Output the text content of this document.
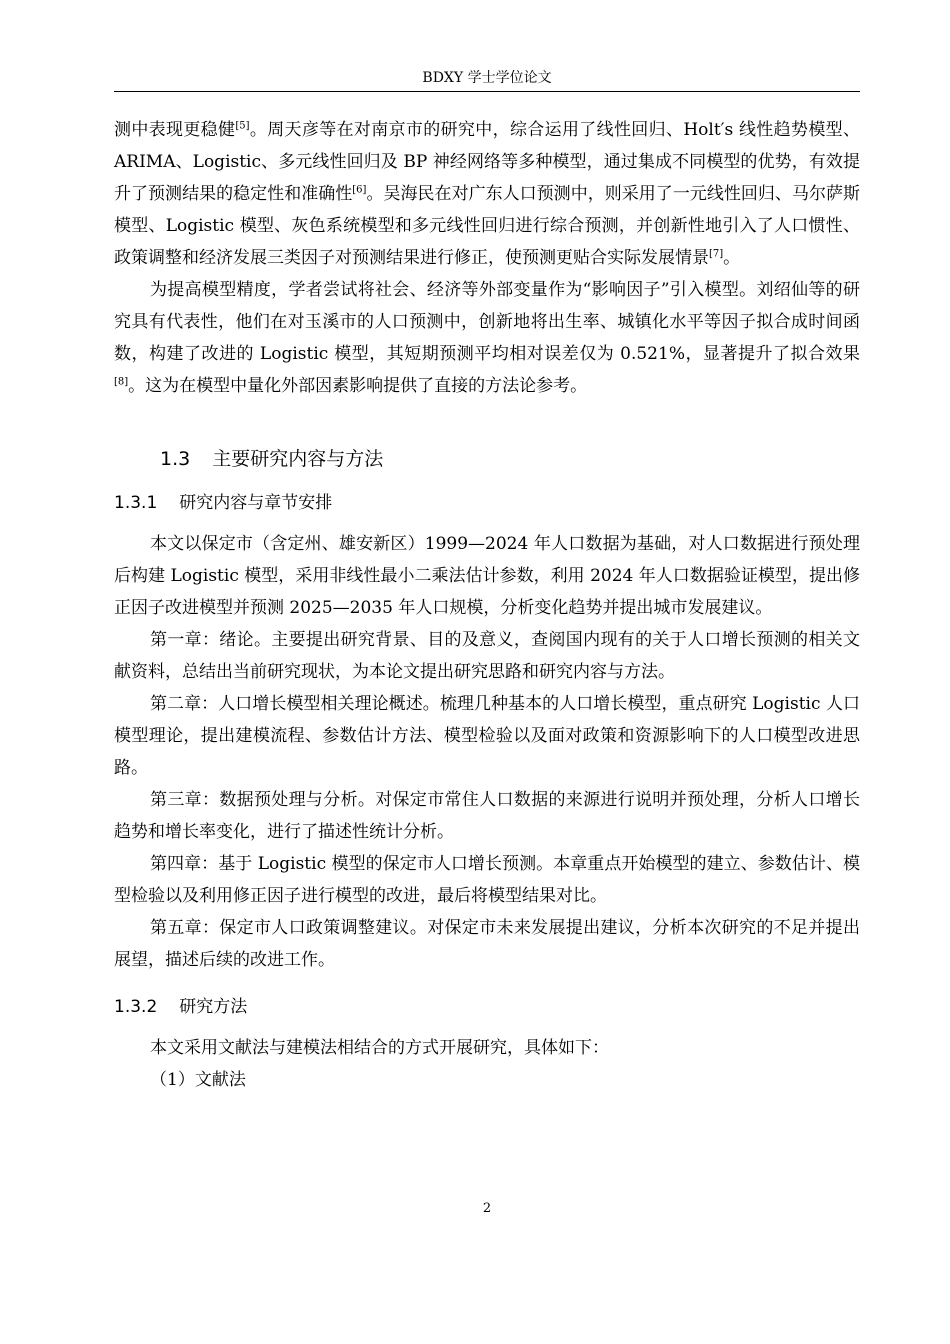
BDXY 学士学位论文

测中表现更稳健[5]。周天彦等在对南京市的研究中，综合运用了线性回归、Holt′s 线性趋势模型、ARIMA、Logistic、多元线性回归及 BP 神经网络等多种模型，通过集成不同模型的优势，有效提升了预测结果的稳定性和准确性[6]。吴海民在对广东人口预测中，则采用了一元线性回归、马尔萨斯模型、Logistic 模型、灰色系统模型和多元线性回归进行综合预测，并创新性地引入了人口惯性、政策调整和经济发展三类因子对预测结果进行修正，使预测更贴合实际发展情景[7]。

为提高模型精度，学者尝试将社会、经济等外部变量作为“影响因子”引入模型。刘绍仙等的研究具有代表性，他们在对玉溪市的人口预测中，创新地将出生率、城镇化水平等因子拟合成时间函数，构建了改进的 Logistic 模型，其短期预测平均相对误差仅为 0.521%，显著提升了拟合效果[8]。这为在模型中量化外部因素影响提供了直接的方法论参考。

1.3 主要研究内容与方法
1.3.1 研究内容与章节安排

本文以保定市（含定州、雄安新区）1999—2024 年人口数据为基础，对人口数据进行预处理后构建 Logistic 模型，采用非线性最小二乘法估计参数，利用 2024 年人口数据验证模型，提出修正因子改进模型并预测 2025—2035 年人口规模，分析变化趋势并提出城市发展建议。

第一章：绪论。主要提出研究背景、目的及意义，查阅国内现有的关于人口增长预测的相关文献资料，总结出当前研究现状，为本论文提出研究思路和研究内容与方法。

第二章：人口增长模型相关理论概述。梳理几种基本的人口增长模型，重点研究 Logistic 人口模型理论，提出建模流程、参数估计方法、模型检验以及面对政策和资源影响下的人口模型改进思路。

第三章：数据预处理与分析。对保定市常住人口数据的来源进行说明并预处理，分析人口增长趋势和增长率变化，进行了描述性统计分析。

第四章：基于 Logistic 模型的保定市人口增长预测。本章重点开始模型的建立、参数估计、模型检验以及利用修正因子进行模型的改进，最后将模型结果对比。

第五章：保定市人口政策调整建议。对保定市未来发展提出建议，分析本次研究的不足并提出展望，描述后续的改进工作。

1.3.2 研究方法

本文采用文献法与建模法相结合的方式开展研究，具体如下：

（1）文献法

2
